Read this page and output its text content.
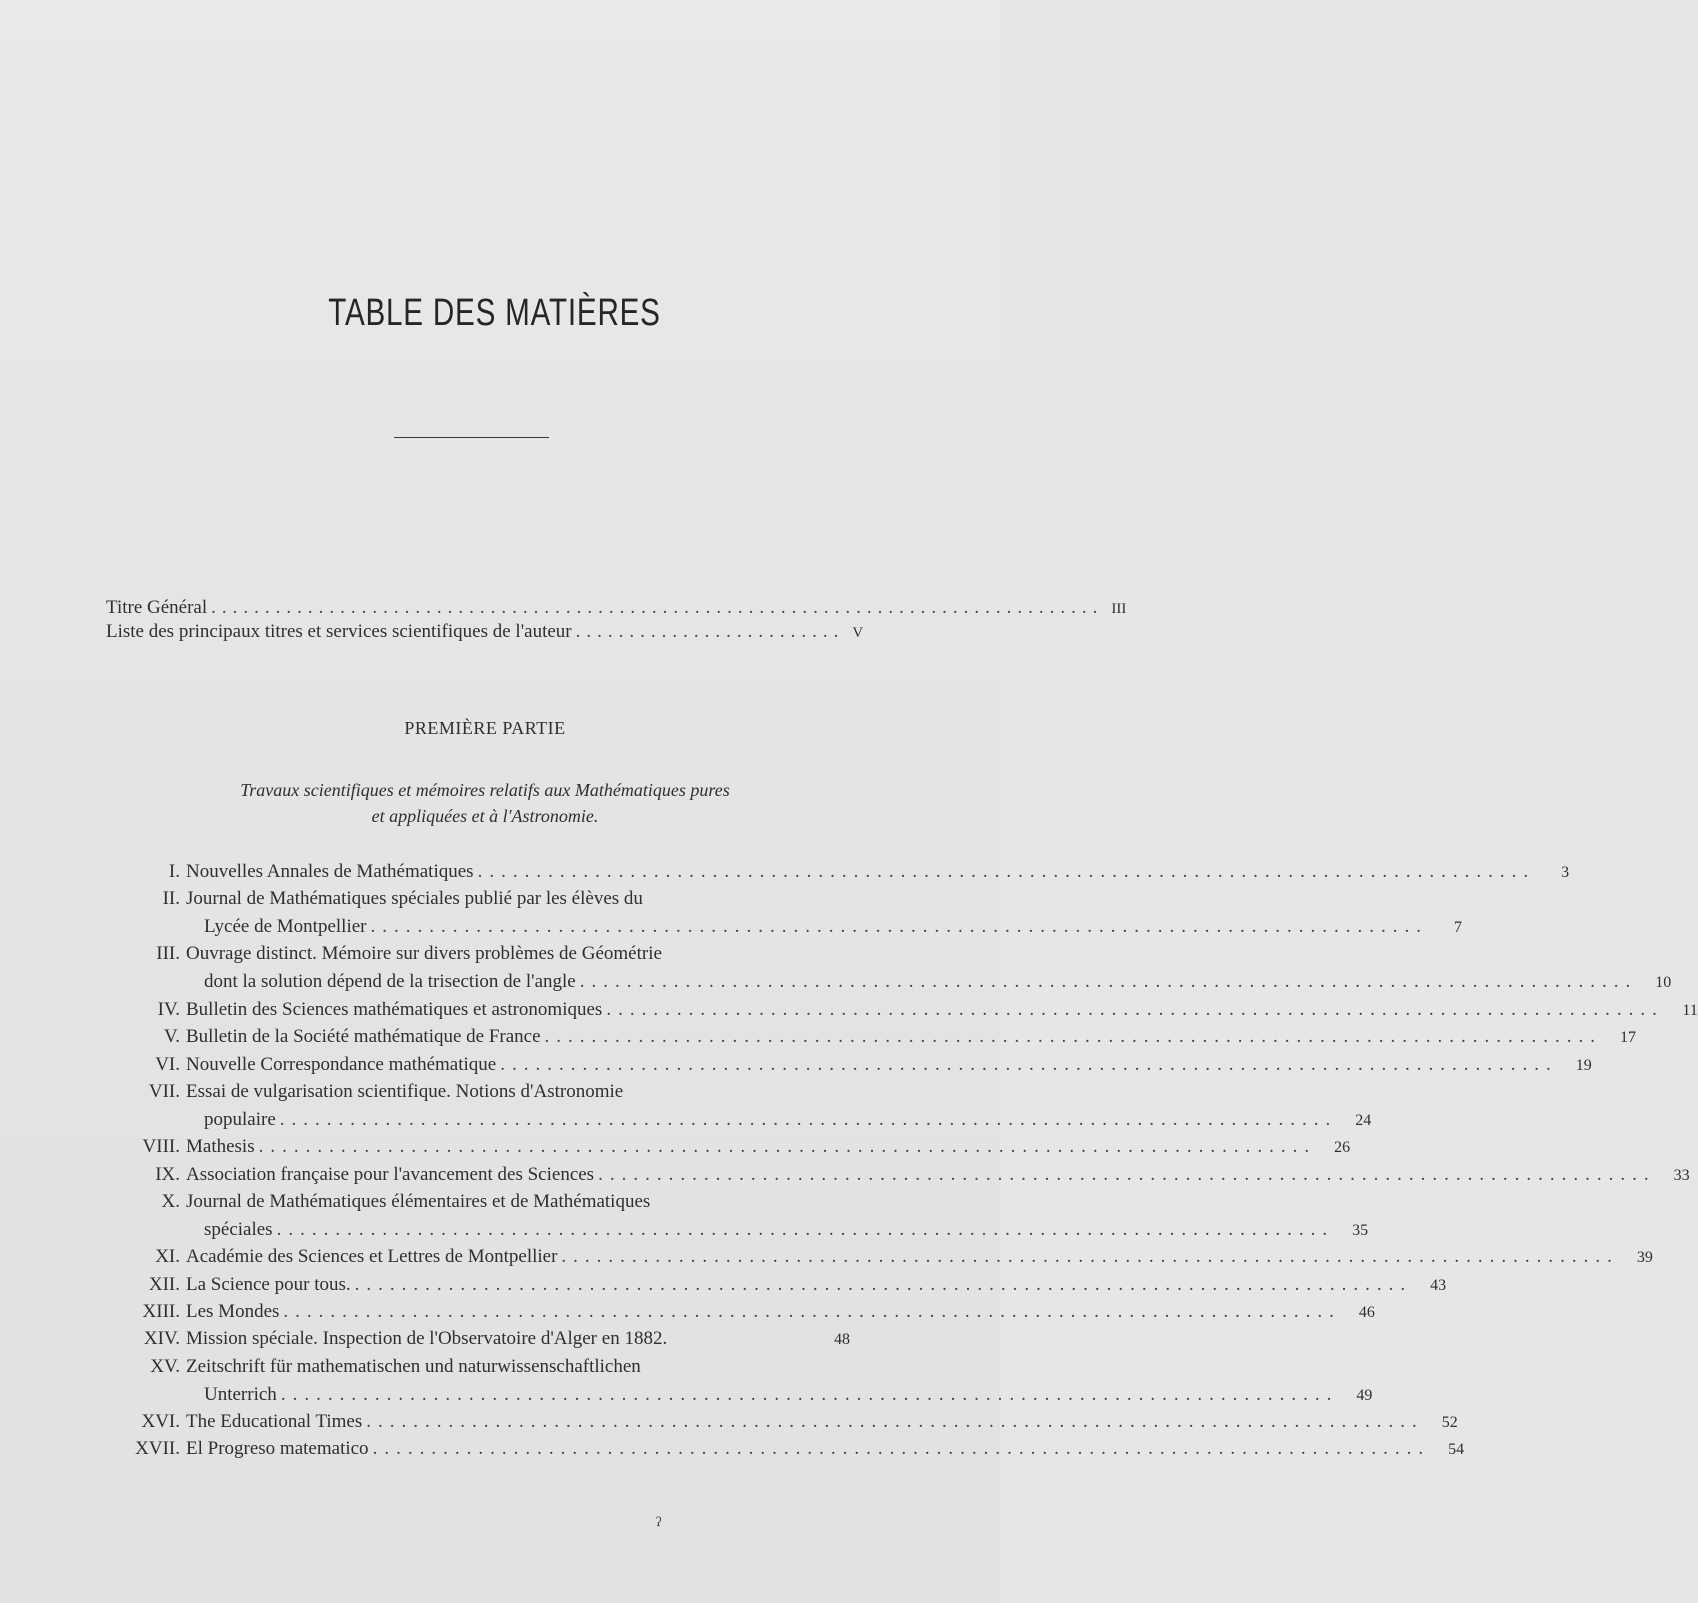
TABLE DES MATIÈRES
Titre Général ................................................................................... III
Liste des principaux titres et services scientifiques de l'auteur ......................... V
PREMIÈRE PARTIE
Travaux scientifiques et mémoires relatifs aux Mathématiques pures
et appliquées et à l'Astronomie.
I. Nouvelles Annales de Mathématiques ..........................................................................................	3
II. Journal de Mathématiques spéciales publié par les élèves du
Lycée de Montpellier ..........................................................................................	7
III. Ouvrage distinct. Mémoire sur divers problèmes de Géométrie
dont la solution dépend de la trisection de l'angle ..........................................................................................	10
IV. Bulletin des Sciences mathématiques et astronomiques ..........................................................................................	11
V. Bulletin de la Société mathématique de France ..........................................................................................	17
VI. Nouvelle Correspondance mathématique ..........................................................................................	19
VII. Essai de vulgarisation scientifique. Notions d'Astronomie
populaire ..........................................................................................	24
VIII. Mathesis ..........................................................................................	26
IX. Association française pour l'avancement des Sciences ..........................................................................................	33
X. Journal de Mathématiques élémentaires et de Mathématiques
spéciales ..........................................................................................	35
XI. Académie des Sciences et Lettres de Montpellier ..........................................................................................	39
XII. La Science pour tous. ..........................................................................................	43
XIII. Les Mondes ..........................................................................................	46
XIV. Mission spéciale. Inspection de l'Observatoire d'Alger en 1882.	48
XV. Zeitschrift für mathematischen und naturwissenschaftlichen
Unterrich ..........................................................................................	49
XVI. The Educational Times ..........................................................................................	52
XVII. El Progreso matematico ..........................................................................................	54
ˀ
